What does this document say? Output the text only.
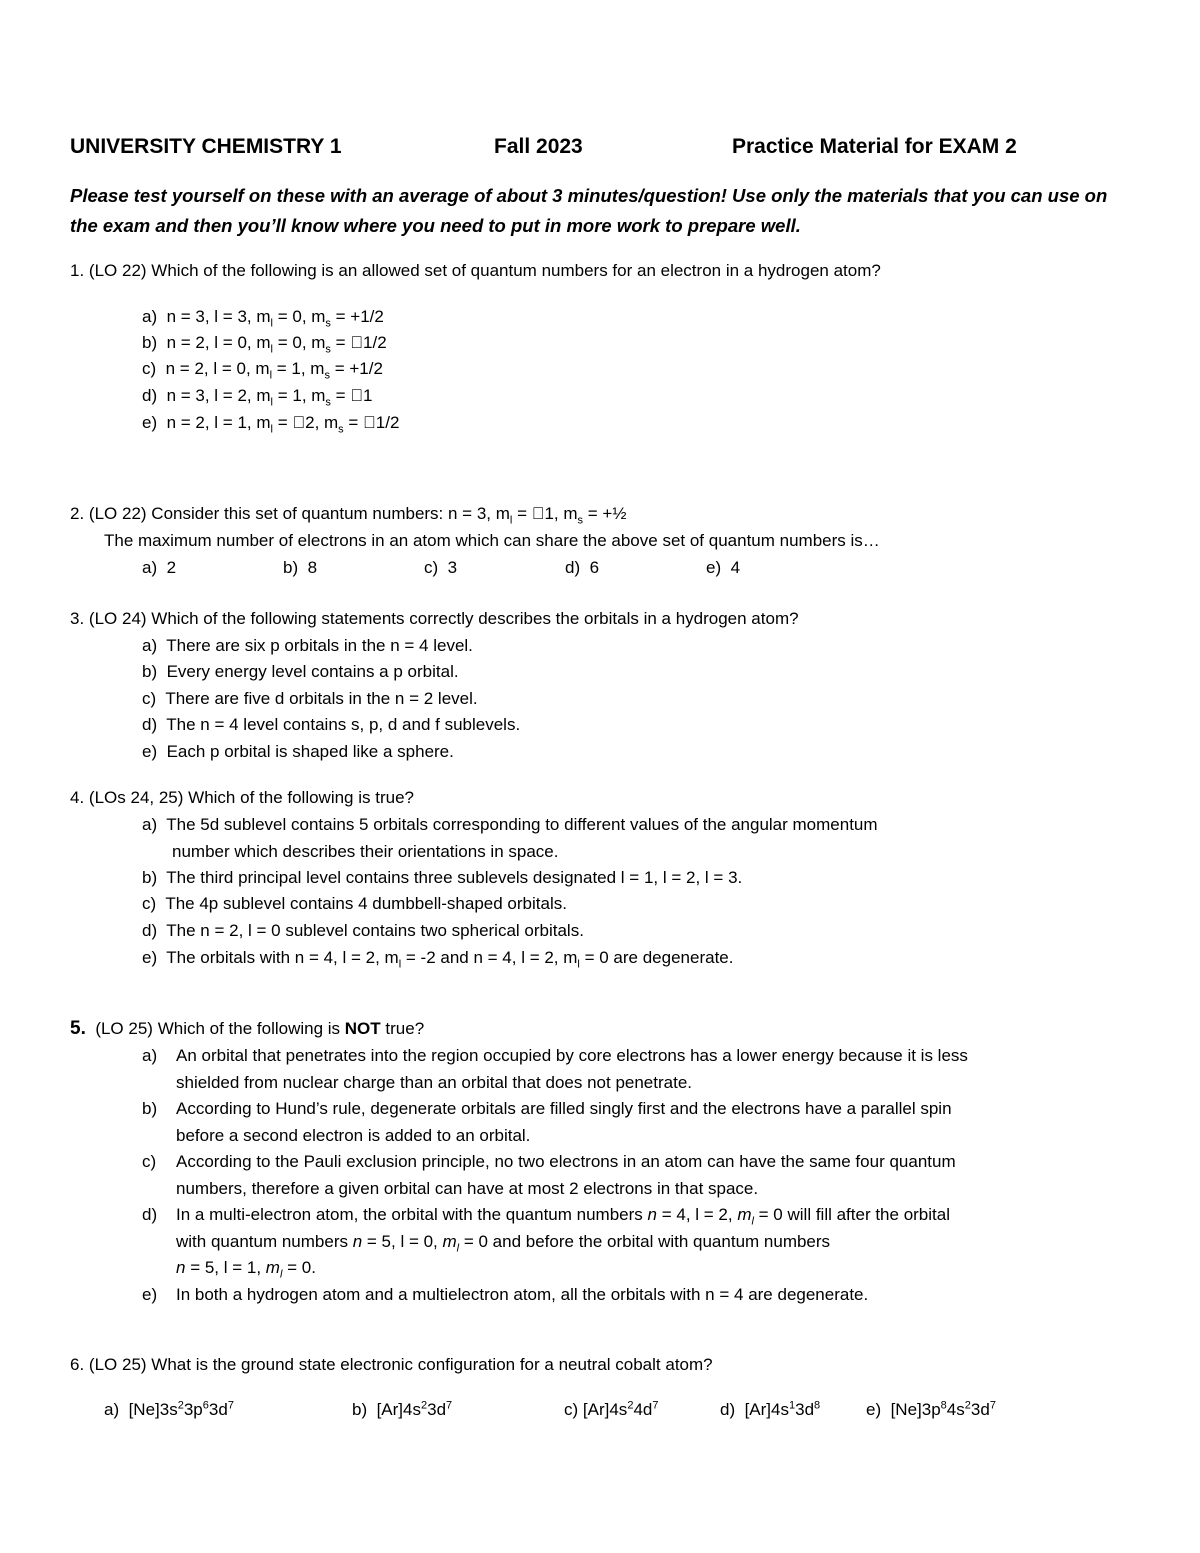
UNIVERSITY CHEMISTRY 1	Fall 2023	Practice Material for EXAM 2
Please test yourself on these with an average of about 3 minutes/question! Use only the materials that you can use on the exam and then you’ll know where you need to put in more work to prepare well.
1. (LO 22) Which of the following is an allowed set of quantum numbers for an electron in a hydrogen atom?
a) n = 3, l = 3, $m_l = 0$, $m_s = +1/2$
b) n = 2, l = 0, $m_l = 0$, $m_s$ =  1/2
c) n = 2, l = 0, $m_l = 1$, $m_s = +1/2$
d) n = 3, l = 2, $m_l = 1$, $m_s$ =  1
e) n = 2, l = 1, $m_l$ =  2, $m_s$ =  1/2
2. (LO 22) Consider this set of quantum numbers: n = 3, $m_l$ =  1, $m_s$ = +½
The maximum number of electrons in an atom which can share the above set of quantum numbers is…
a) 2	b) 8	c) 3	d) 6	e) 4
3. (LO 24) Which of the following statements correctly describes the orbitals in a hydrogen atom?
a) There are six p orbitals in the n = 4 level.
b) Every energy level contains a p orbital.
c) There are five d orbitals in the n = 2 level.
d) The n = 4 level contains s, p, d and f sublevels.
e) Each p orbital is shaped like a sphere.
4. (LOs 24, 25) Which of the following is true?
a) The 5d sublevel contains 5 orbitals corresponding to different values of the angular momentum
number which describes their orientations in space.
b) The third principal level contains three sublevels designated l = 1, l = 2, l = 3.
c) The 4p sublevel contains 4 dumbbell-shaped orbitals.
d) The n = 2, l = 0 sublevel contains two spherical orbitals.
e) The orbitals with n = 4, l = 2, $m_l = -2$ and n = 4, l = 2, $m_l = 0$ are degenerate.
5. (LO 25) Which of the following is NOT true?
a) An orbital that penetrates into the region occupied by core electrons has a lower energy because it is less
shielded from nuclear charge than an orbital that does not penetrate.
b) According to Hund’s rule, degenerate orbitals are filled singly first and the electrons have a parallel spin
before a second electron is added to an orbital.
c) According to the Pauli exclusion principle, no two electrons in an atom can have the same four quantum
numbers, therefore a given orbital can have at most 2 electrons in that space.
d) In a multi-electron atom, the orbital with the quantum numbers n = 4, l = 2, $m_l = 0$ will fill after the orbital
with quantum numbers n = 5, l = 0, $m_l = 0$ and before the orbital with quantum numbers
n = 5, l = 1, $m_l = 0$.
e) In both a hydrogen atom and a multielectron atom, all the orbitals with n = 4 are degenerate.
6. (LO 25) What is the ground state electronic configuration for a neutral cobalt atom?
a) $[Ne]3s^23p^63d^7$	b) $[Ar]4s^23d^7$	c) $[Ar]4s^24d^7$	d) $[Ar]4s^13d^8$	e) $[Ne]3p^84s^23d^7$
